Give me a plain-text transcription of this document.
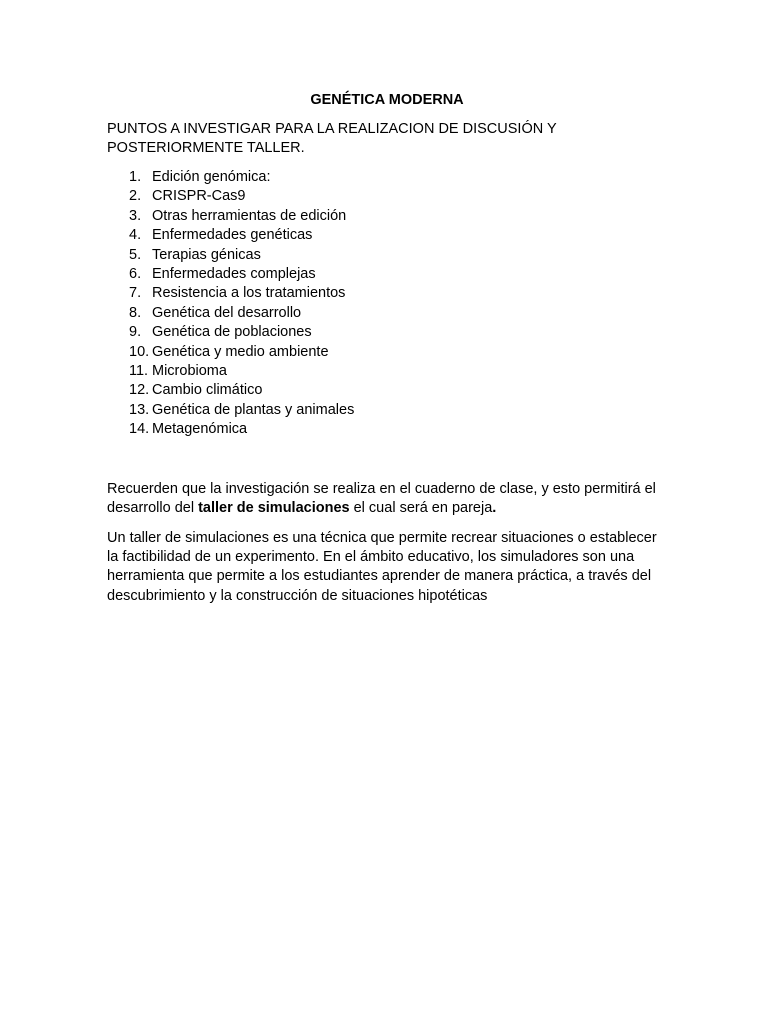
GENÉTICA MODERNA
PUNTOS A INVESTIGAR PARA LA REALIZACION DE DISCUSIÓN Y POSTERIORMENTE TALLER.
1. Edición genómica:
2. CRISPR-Cas9
3. Otras herramientas de edición
4. Enfermedades genéticas
5. Terapias génicas
6. Enfermedades complejas
7. Resistencia a los tratamientos
8. Genética del desarrollo
9. Genética de poblaciones
10. Genética y medio ambiente
11. Microbioma
12. Cambio climático
13. Genética de plantas y animales
14. Metagenómica

Recuerden que la investigación se realiza en el cuaderno de clase, y esto permitirá el desarrollo del taller de simulaciones el cual será en pareja.

Un taller de simulaciones es una técnica que permite recrear situaciones o establecer la factibilidad de un experimento. En el ámbito educativo, los simuladores son una herramienta que permite a los estudiantes aprender de manera práctica, a través del descubrimiento y la construcción de situaciones hipotéticas
